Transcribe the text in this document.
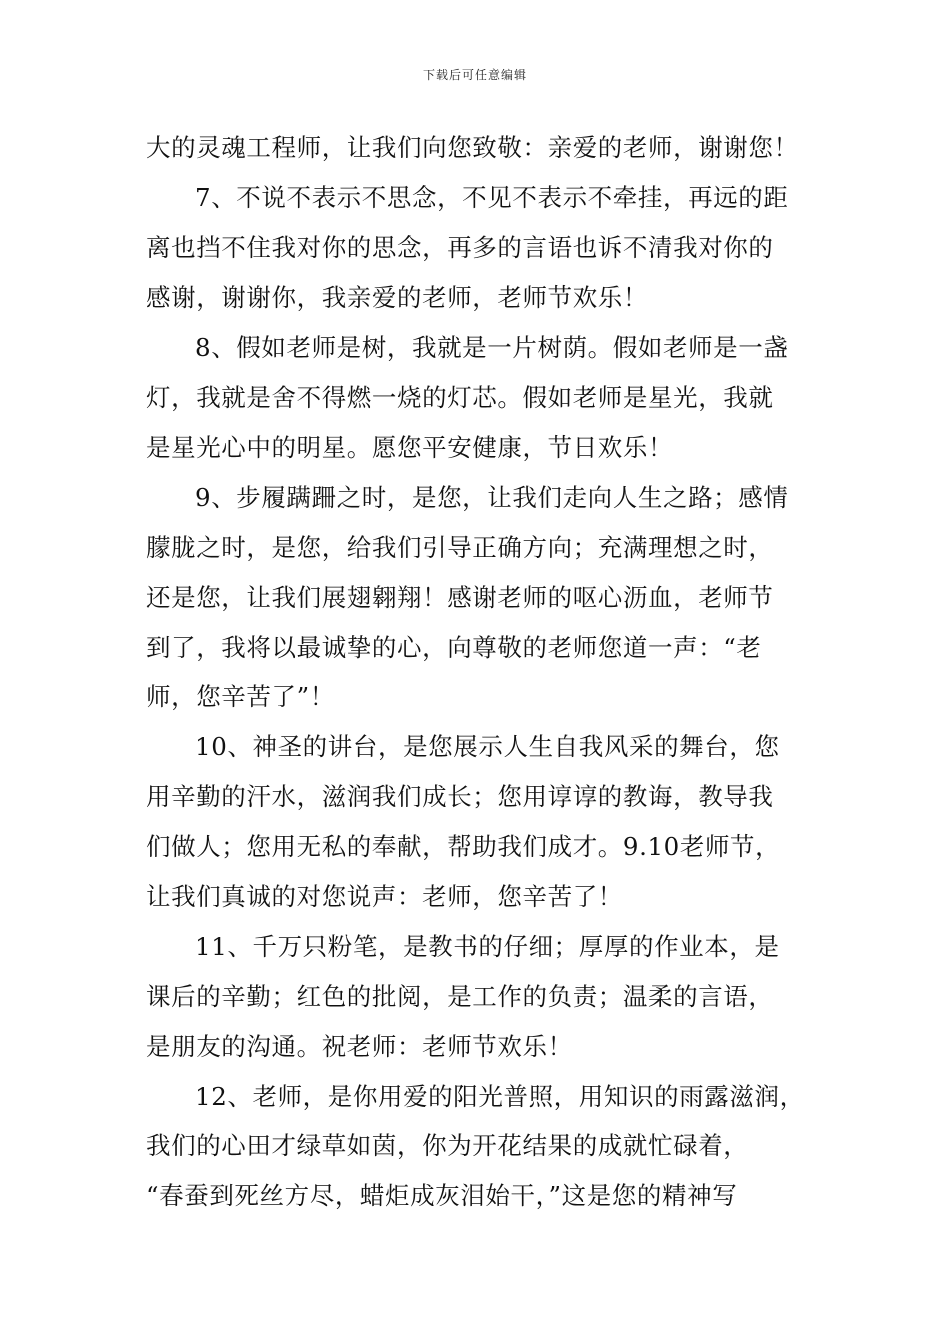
下载后可任意编辑
大的灵魂工程师，让我们向您致敬：亲爱的老师，谢谢您！
7、不说不表示不思念，不见不表示不牵挂，再远的距
离也挡不住我对你的思念，再多的言语也诉不清我对你的
感谢，谢谢你，我亲爱的老师，老师节欢乐！
8、假如老师是树，我就是一片树荫。假如老师是一盏
灯，我就是舍不得燃一烧的灯芯。假如老师是星光，我就
是星光心中的明星。愿您平安健康，节日欢乐！
9、步履蹒跚之时，是您，让我们走向人生之路；感情
朦胧之时，是您，给我们引导正确方向；充满理想之时，
还是您，让我们展翅翱翔！感谢老师的呕心沥血，老师节
到了，我将以最诚挚的心，向尊敬的老师您道一声：“老
师，您辛苦了”！
10、神圣的讲台，是您展示人生自我风采的舞台，您
用辛勤的汗水，滋润我们成长；您用谆谆的教诲，教导我
们做人；您用无私的奉献，帮助我们成才。9.10老师节，
让我们真诚的对您说声：老师，您辛苦了！
11、千万只粉笔，是教书的仔细；厚厚的作业本，是
课后的辛勤；红色的批阅，是工作的负责；温柔的言语，
是朋友的沟通。祝老师：老师节欢乐！
12、老师，是你用爱的阳光普照，用知识的雨露滋润，
我们的心田才绿草如茵，你为开花结果的成就忙碌着，
“春蚕到死丝方尽，蜡炬成灰泪始干，”这是您的精神写
